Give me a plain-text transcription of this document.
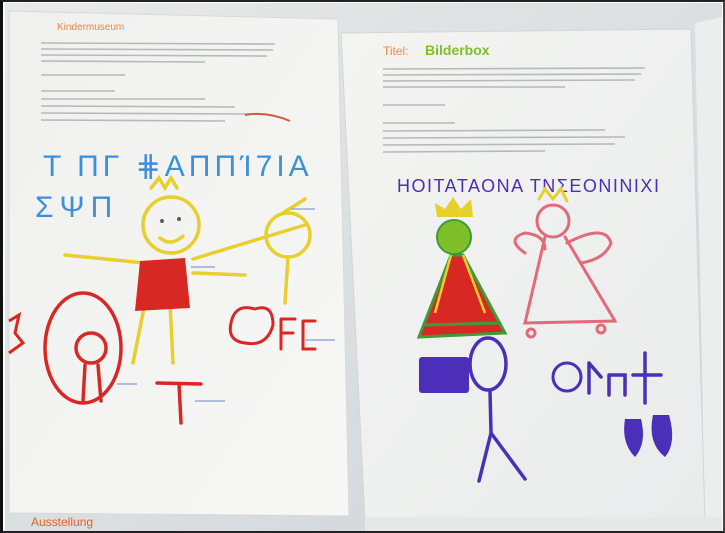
Kindermuseum
T ΠΓ ⋕ΑΠΠΊ7ΙΑ
ΣΨΠ
Ausstellung
Titel: Bilderbox
ΗΟΙΤΑΤΑΟΝΑ ΤΝΣΕΟΝΙΝΙΧΙ
